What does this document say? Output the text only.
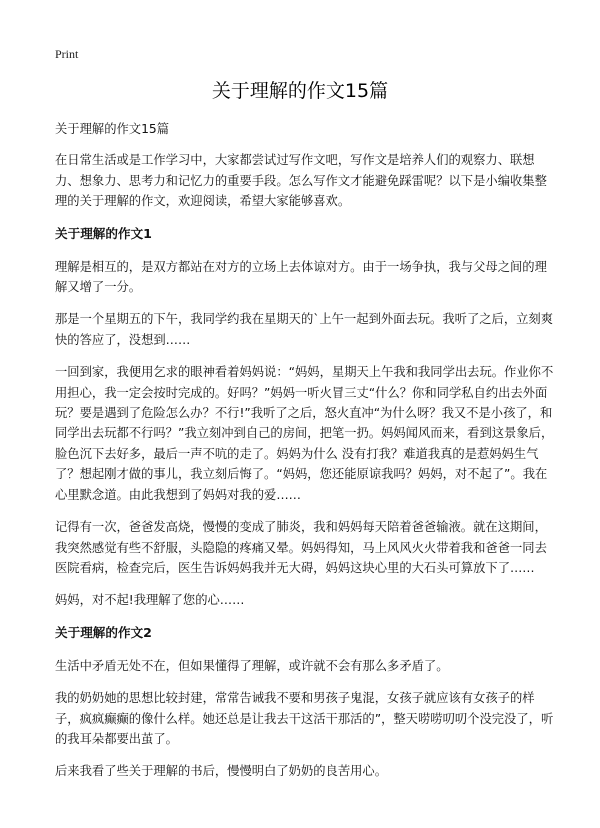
Print
关于理解的作文15篇

关于理解的作文15篇

在日常生活或是工作学习中，大家都尝试过写作文吧，写作文是培养人们的观察力、联想力、想象力、思考力和记忆力的重要手段。怎么写作文才能避免踩雷呢？以下是小编收集整理的关于理解的作文，欢迎阅读，希望大家能够喜欢。

关于理解的作文1

理解是相互的，是双方都站在对方的立场上去体谅对方。由于一场争执，我与父母之间的理解又增了一分。

那是一个星期五的下午，我同学约我在星期天的`上午一起到外面去玩。我听了之后，立刻爽快的答应了，没想到……

一回到家，我便用乞求的眼神看着妈妈说：“妈妈，星期天上午我和我同学出去玩。作业你不用担心，我一定会按时完成的。好吗？”妈妈一听火冒三丈“什么？你和同学私自约出去外面玩？要是遇到了危险怎么办？不行!”我听了之后，怒火直冲“为什么呀？我又不是小孩了，和同学出去玩都不行吗？”我立刻冲到自己的房间，把笔一扔。妈妈闻风而来，看到这景象后，脸色沉下去好多，最后一声不吭的走了。妈妈为什么 没有打我？难道我真的是惹妈妈生气了？想起刚才做的事儿，我立刻后悔了。“妈妈，您还能原谅我吗？妈妈，对不起了”。我在心里默念道。由此我想到了妈妈对我的爱……

记得有一次，爸爸发高烧，慢慢的变成了肺炎，我和妈妈每天陪着爸爸输液。就在这期间，我突然感觉有些不舒服，头隐隐的疼痛又晕。妈妈得知，马上风风火火带着我和爸爸一同去医院看病，检查完后，医生告诉妈妈我并无大碍，妈妈这块心里的大石头可算放下了……

妈妈，对不起!我理解了您的心……

关于理解的作文2

生活中矛盾无处不在，但如果懂得了理解，或许就不会有那么多矛盾了。

我的奶奶她的思想比较封建，常常告诫我不要和男孩子鬼混，女孩子就应该有女孩子的样子，疯疯癫癫的像什么样。她还总是让我去干这活干那活的”，整天唠唠叨叨个没完没了，听的我耳朵都要出茧了。

后来我看了些关于理解的书后，慢慢明白了奶奶的良苦用心。
